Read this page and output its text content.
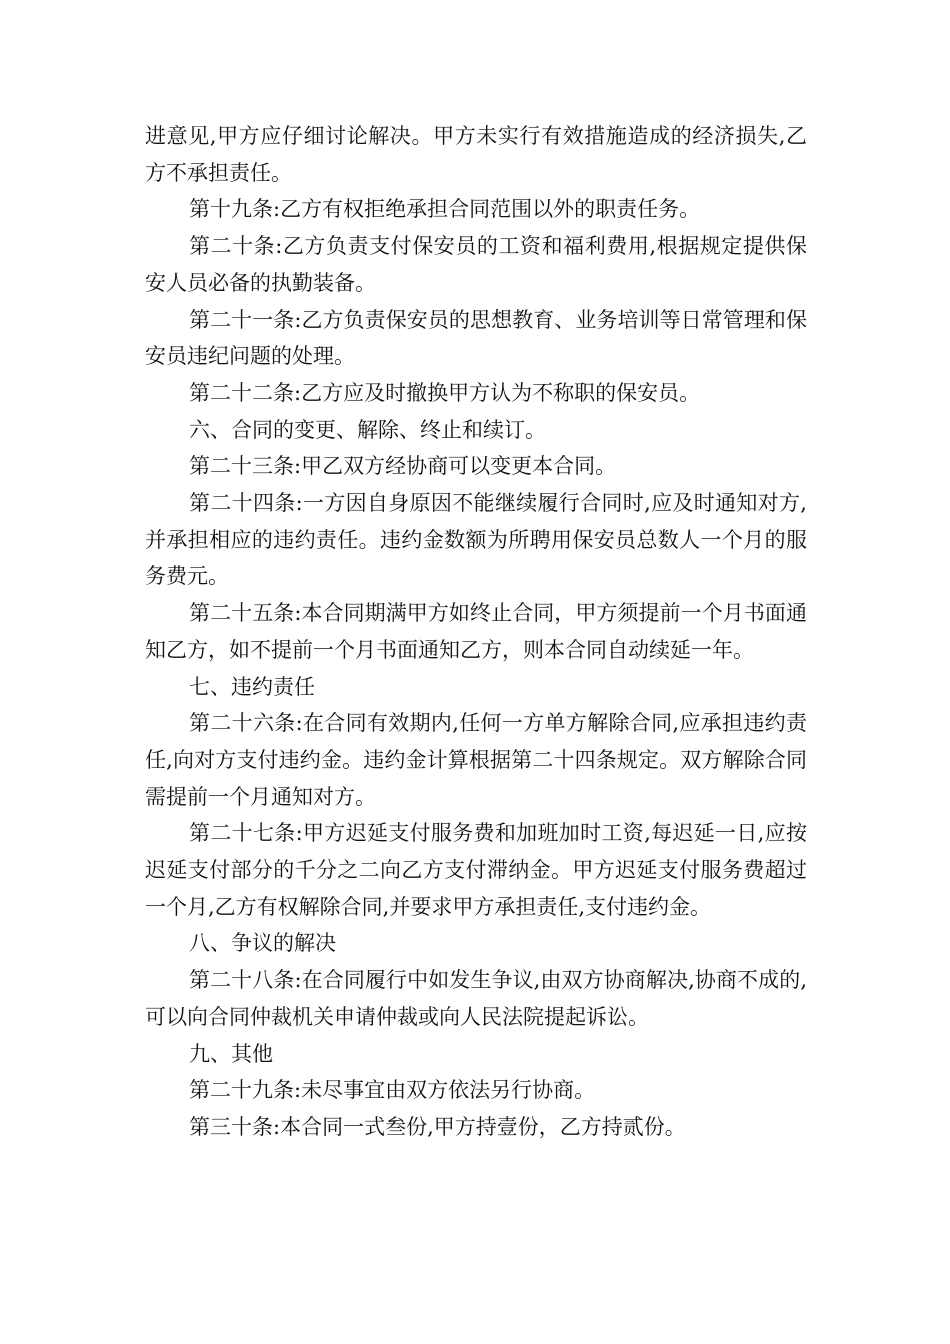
进意见,甲方应仔细讨论解决。甲方未实行有效措施造成的经济损失,乙方不承担责任。

第十九条:乙方有权拒绝承担合同范围以外的职责任务。

第二十条:乙方负责支付保安员的工资和福利费用,根据规定提供保安人员必备的执勤装备。

第二十一条:乙方负责保安员的思想教育、业务培训等日常管理和保安员违纪问题的处理。

第二十二条:乙方应及时撤换甲方认为不称职的保安员。

六、合同的变更、解除、终止和续订。

第二十三条:甲乙双方经协商可以变更本合同。

第二十四条:一方因自身原因不能继续履行合同时,应及时通知对方,并承担相应的违约责任。违约金数额为所聘用保安员总数人一个月的服务费元。

第二十五条:本合同期满甲方如终止合同，甲方须提前一个月书面通知乙方，如不提前一个月书面通知乙方，则本合同自动续延一年。

七、违约责任

第二十六条:在合同有效期内,任何一方单方解除合同,应承担违约责任,向对方支付违约金。违约金计算根据第二十四条规定。双方解除合同需提前一个月通知对方。

第二十七条:甲方迟延支付服务费和加班加时工资,每迟延一日,应按迟延支付部分的千分之二向乙方支付滞纳金。甲方迟延支付服务费超过一个月,乙方有权解除合同,并要求甲方承担责任,支付违约金。

八、争议的解决

第二十八条:在合同履行中如发生争议,由双方协商解决,协商不成的,可以向合同仲裁机关申请仲裁或向人民法院提起诉讼。

九、其他

第二十九条:未尽事宜由双方依法另行协商。

第三十条:本合同一式叁份,甲方持壹份，乙方持贰份。
